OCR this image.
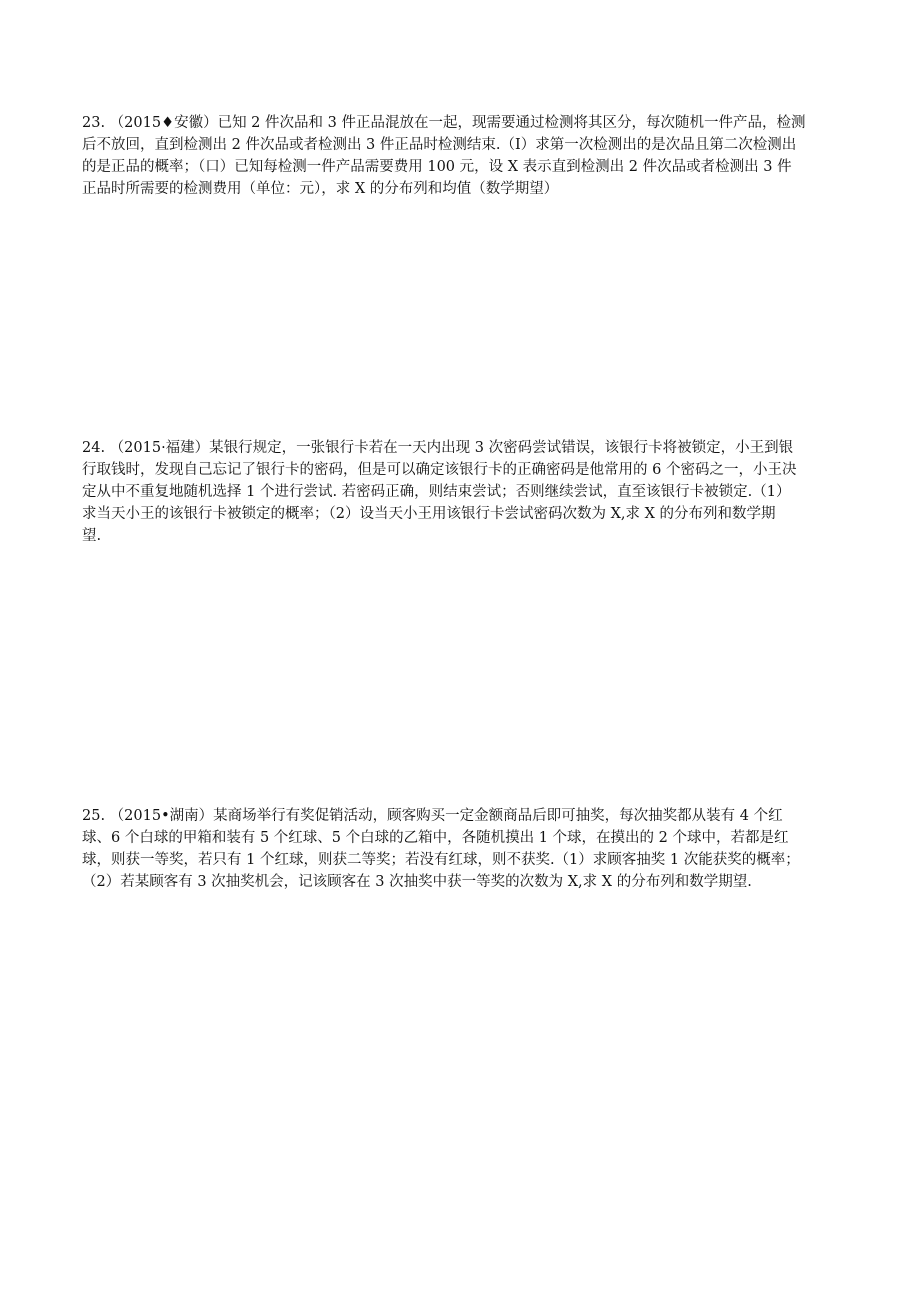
23. （2015♦安徽）已知 2 件次品和 3 件正品混放在一起，现需要通过检测将其区分，每次随机一件产品，检测
后不放回，直到检测出 2 件次品或者检测出 3 件正品时检测结束.（I）求第一次检测出的是次品且第二次检测出
的是正品的概率；（口）已知每检测一件产品需要费用 100 元，设 X 表示直到检测出 2 件次品或者检测出 3 件
正品时所需要的检测费用（单位：元），求 X 的分布列和均值（数学期望）
24. （2015·福建）某银行规定，一张银行卡若在一天内出现 3 次密码尝试错误，该银行卡将被锁定，小王到银
行取钱时，发现自己忘记了银行卡的密码，但是可以确定该银行卡的正确密码是他常用的 6 个密码之一，小王决
定从中不重复地随机选择 1 个进行尝试. 若密码正确，则结束尝试；否则继续尝试，直至该银行卡被锁定.（1）
求当天小王的该银行卡被锁定的概率；（2）设当天小王用该银行卡尝试密码次数为 X,求 X 的分布列和数学期
望.
25. （2015•湖南）某商场举行有奖促销活动，顾客购买一定金额商品后即可抽奖，每次抽奖都从装有 4 个红
球、6 个白球的甲箱和装有 5 个红球、5 个白球的乙箱中，各随机摸出 1 个球，在摸出的 2 个球中，若都是红
球，则获一等奖，若只有 1 个红球，则获二等奖；若没有红球，则不获奖.（1）求顾客抽奖 1 次能获奖的概率；
（2）若某顾客有 3 次抽奖机会，记该顾客在 3 次抽奖中获一等奖的次数为 X,求 X 的分布列和数学期望.
